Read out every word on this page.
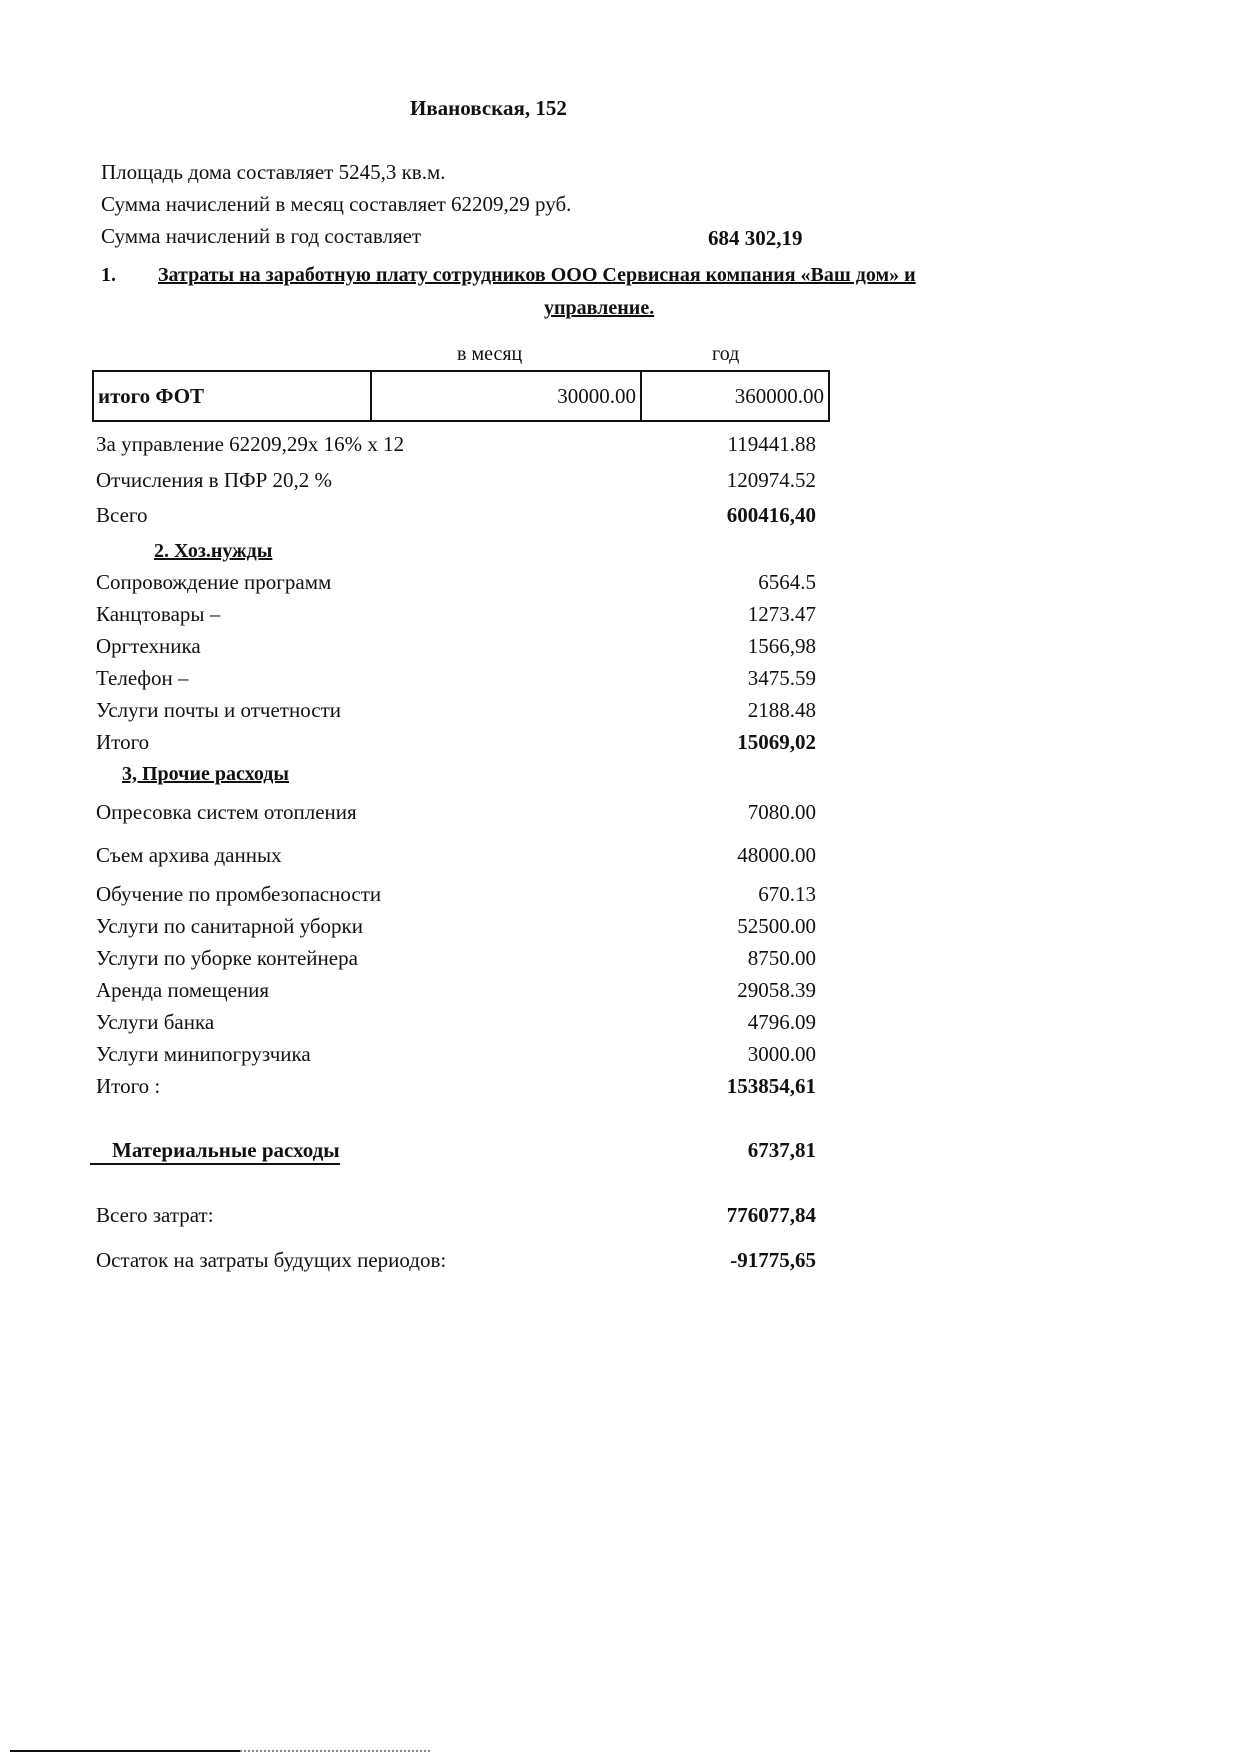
Ивановская, 152
Площадь дома составляет 5245,3 кв.м.
Сумма начислений в месяц составляет 62209,29 руб.
Сумма начислений в год составляет	684 302,19
1. Затраты на заработную плату сотрудников ООО Сервисная компания «Ваш дом» и
управление.
в месяц	год
итого ФОТ	30000.00	360000.00
За управление 62209,29х 16% х 12	119441.88
Отчисления в ПФР 20,2 %	120974.52
Всего	600416,40
2. Хоз.нужды
Сопровождение программ	6564.5
Канцтовары –	1273.47
Оргтехника	1566,98
Телефон –	3475.59
Услуги почты и отчетности	2188.48
Итого	15069,02
3, Прочие расходы
Опресовка систем отопления	7080.00
Съем архива данных	48000.00
Обучение по промбезопасности	670.13
Услуги по санитарной уборки	52500.00
Услуги по уборке контейнера	8750.00
Аренда помещения	29058.39
Услуги банка	4796.09
Услуги минипогрузчика	3000.00
Итого :	153854,61
Материальные расходы	6737,81
Всего затрат:	776077,84
Остаток на затраты будущих периодов:	-91775,65
